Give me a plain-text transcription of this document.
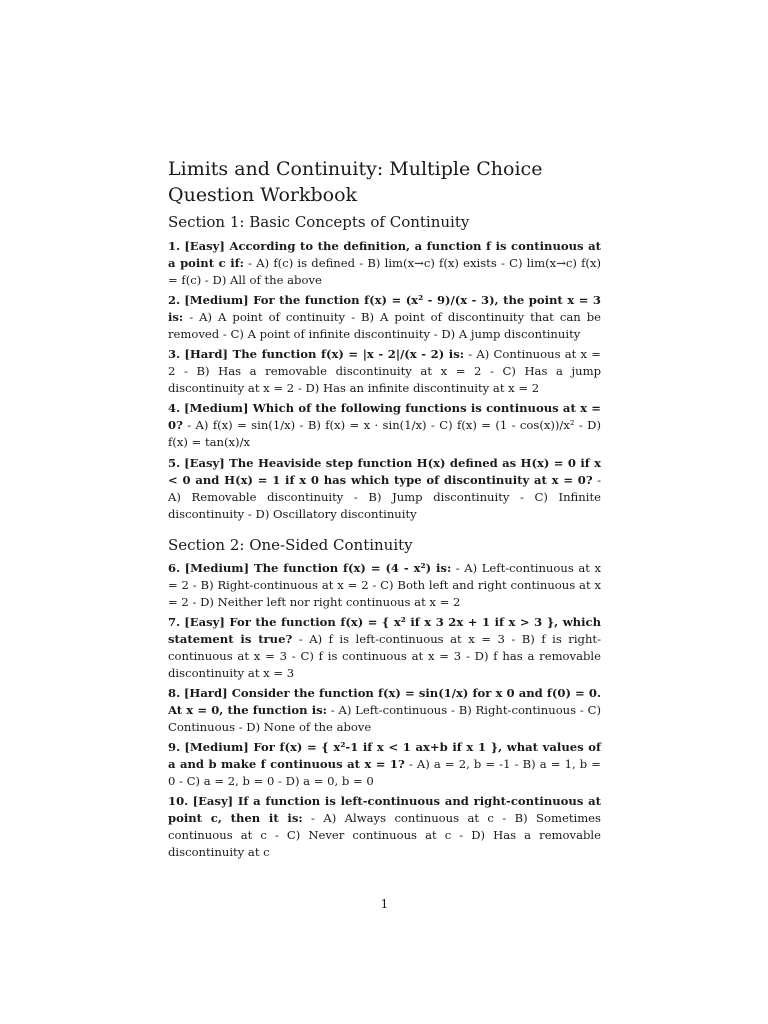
Limits and Continuity: Multiple Choice Question Workbook
Section 1: Basic Concepts of Continuity

1. [Easy] According to the definition, a function f is continuous at a point c if: - A) f(c) is defined - B) lim(x→c) f(x) exists - C) lim(x→c) f(x) = f(c) - D) All of the above

2. [Medium] For the function f(x) = (x² - 9)/(x - 3), the point x = 3 is: - A) A point of continuity - B) A point of discontinuity that can be removed - C) A point of infinite discontinuity - D) A jump discontinuity

3. [Hard] The function f(x) = |x - 2|/(x - 2) is: - A) Continuous at x = 2 - B) Has a removable discontinuity at x = 2 - C) Has a jump discontinuity at x = 2 - D) Has an infinite discontinuity at x = 2

4. [Medium] Which of the following functions is continuous at x = 0? - A) f(x) = sin(1/x) - B) f(x) = x · sin(1/x) - C) f(x) = (1 - cos(x))/x² - D) f(x) = tan(x)/x

5. [Easy] The Heaviside step function H(x) defined as H(x) = 0 if x < 0 and H(x) = 1 if x 0 has which type of discontinuity at x = 0? - A) Removable discontinuity - B) Jump discontinuity - C) Infinite discontinuity - D) Oscillatory discontinuity

Section 2: One-Sided Continuity

6. [Medium] The function f(x) = (4 - x²) is: - A) Left-continuous at x = 2 - B) Right-continuous at x = 2 - C) Both left and right continuous at x = 2 - D) Neither left nor right continuous at x = 2

7. [Easy] For the function f(x) = { x² if x 3 2x + 1 if x > 3 }, which statement is true? - A) f is left-continuous at x = 3 - B) f is right-continuous at x = 3 - C) f is continuous at x = 3 - D) f has a removable discontinuity at x = 3

8. [Hard] Consider the function f(x) = sin(1/x) for x 0 and f(0) = 0. At x = 0, the function is: - A) Left-continuous - B) Right-continuous - C) Continuous - D) None of the above

9. [Medium] For f(x) = { x²-1 if x < 1 ax+b if x 1 }, what values of a and b make f continuous at x = 1? - A) a = 2, b = -1 - B) a = 1, b = 0 - C) a = 2, b = 0 - D) a = 0, b = 0

10. [Easy] If a function is left-continuous and right-continuous at point c, then it is: - A) Always continuous at c - B) Sometimes continuous at c - C) Never continuous at c - D) Has a removable discontinuity at c

1
